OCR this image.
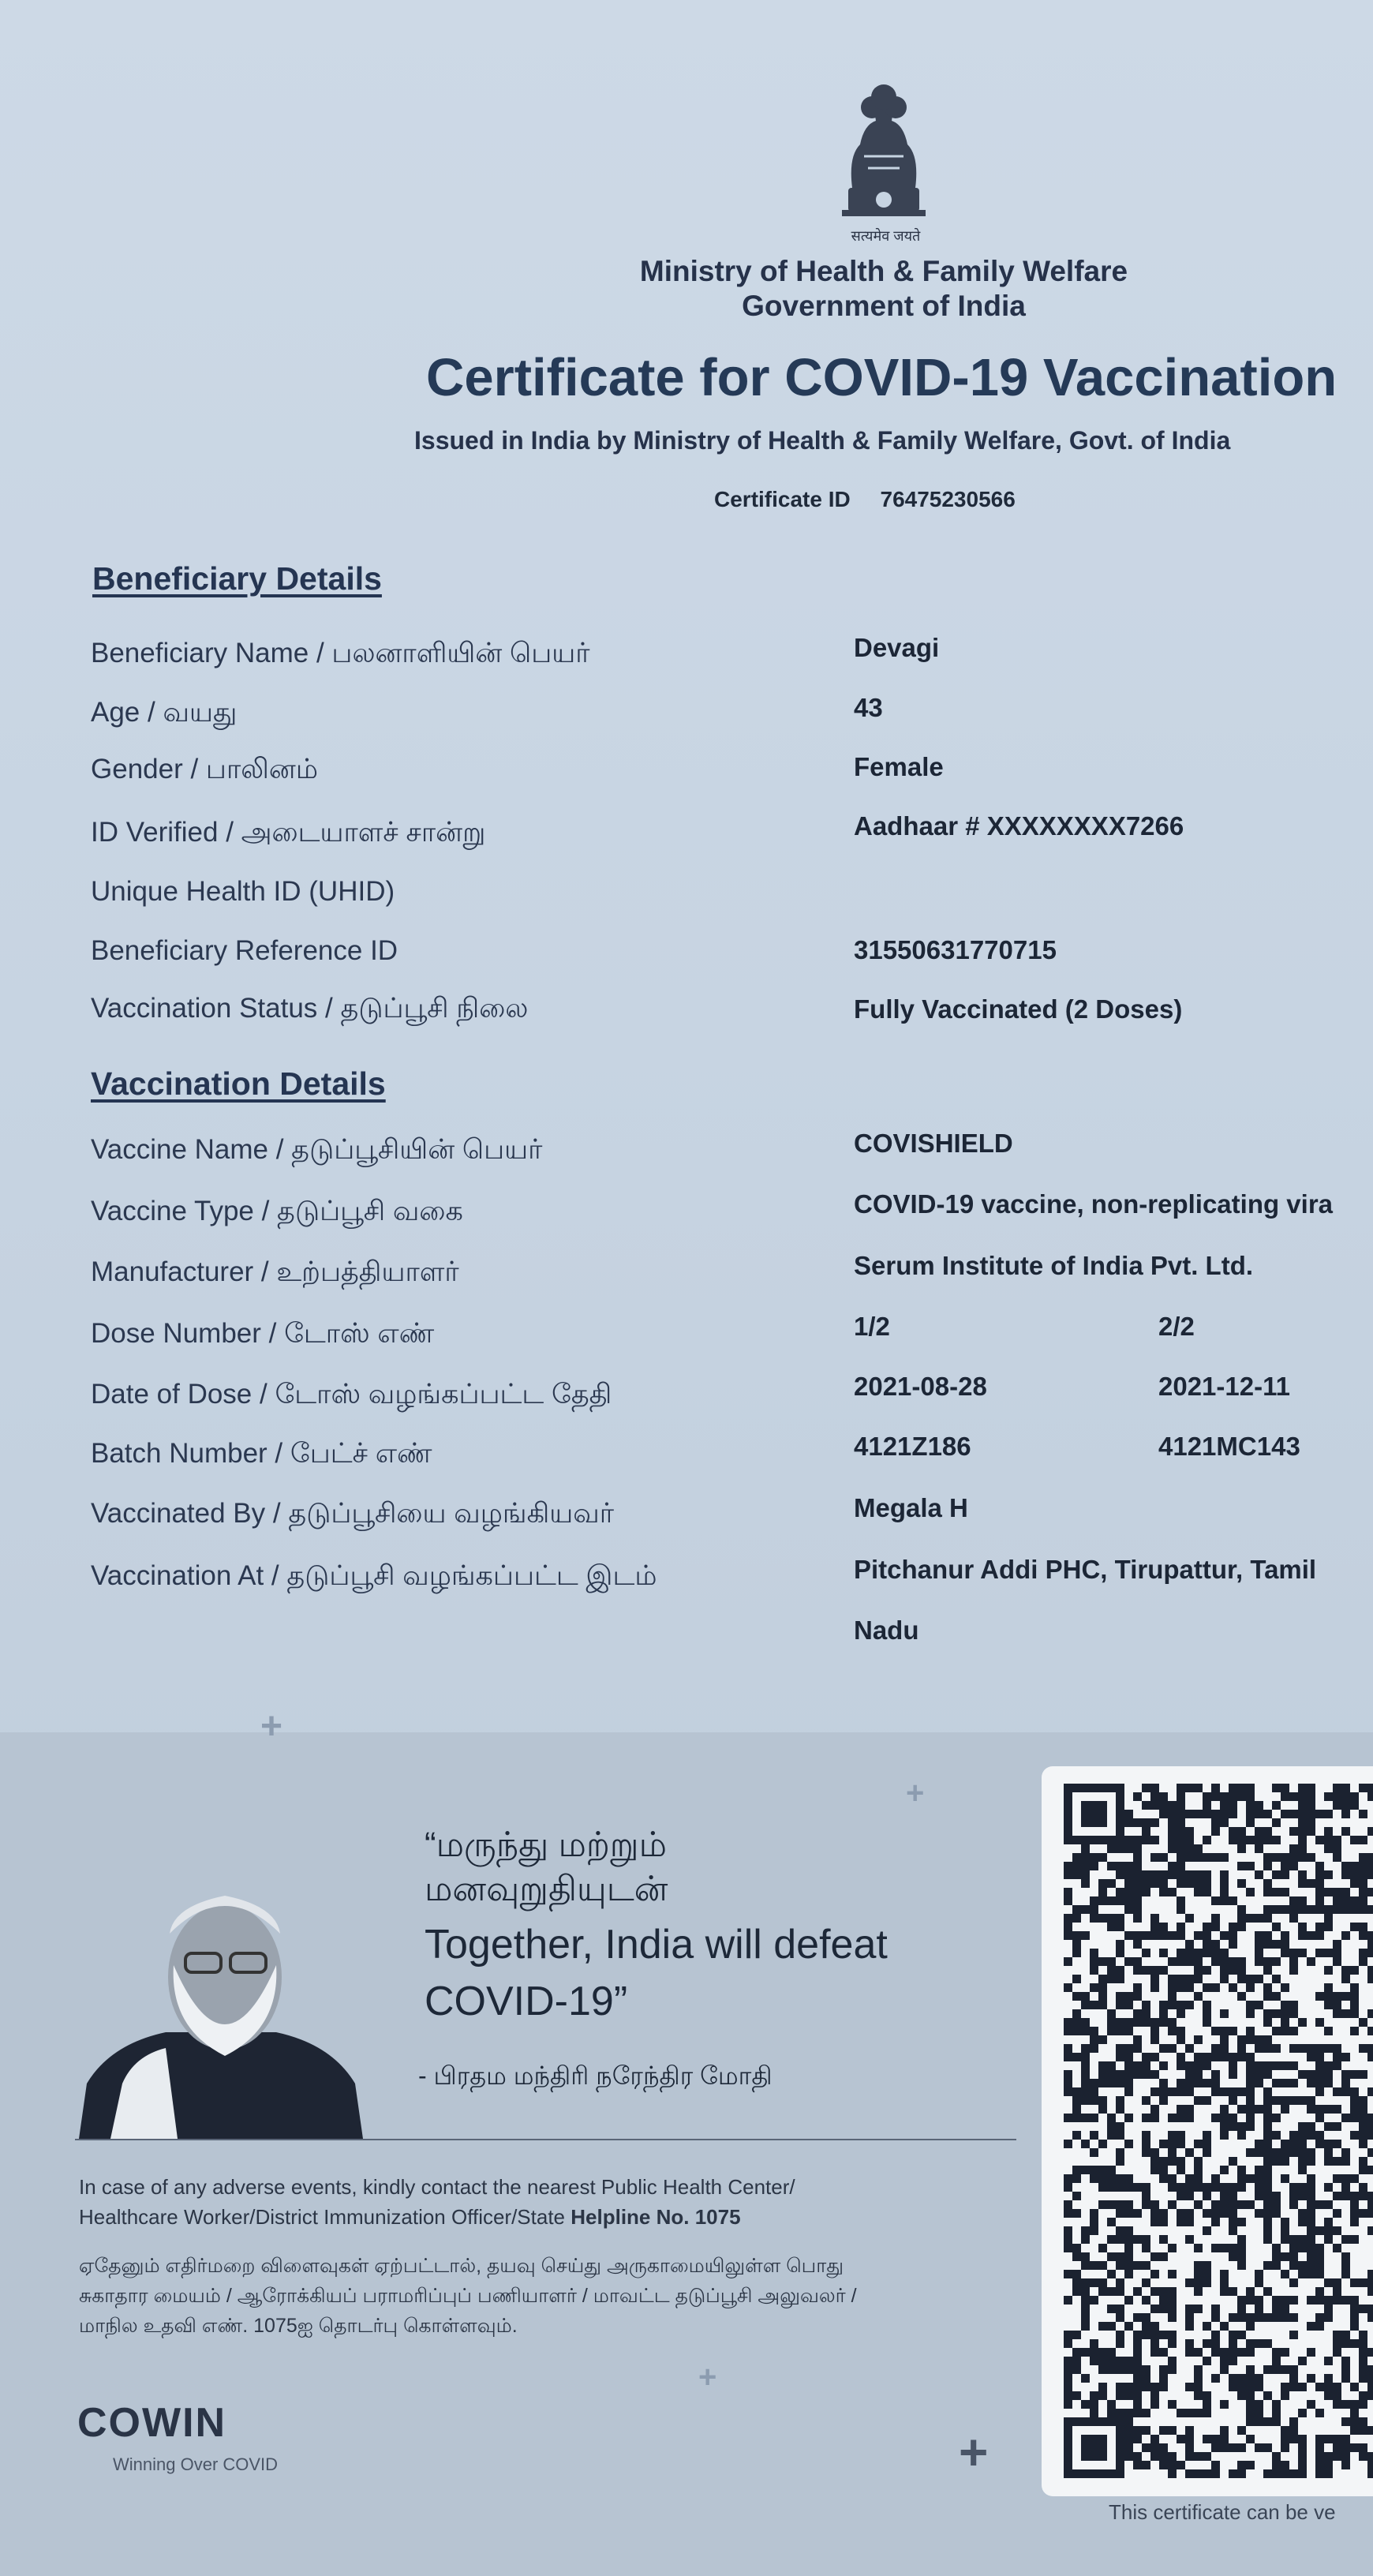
सत्यमेव जयते
Ministry of Health & Family Welfare
Government of India
Certificate for COVID-19 Vaccination
Issued in India by Ministry of Health & Family Welfare, Govt. of India
Certificate ID 76475230566
Beneficiary Details
Beneficiary Name / பலனாளியின் பெயர்	Devagi
Age / வயது	43
Gender / பாலினம்	Female
ID Verified / அடையாளச் சான்று	Aadhaar # XXXXXXXX7266
Unique Health ID (UHID)
Beneficiary Reference ID	31550631770715
Vaccination Status / தடுப்பூசி நிலை	Fully Vaccinated (2 Doses)
Vaccination Details
Vaccine Name / தடுப்பூசியின் பெயர்	COVISHIELD
Vaccine Type / தடுப்பூசி வகை	COVID-19 vaccine, non-replicating vira
Manufacturer / உற்பத்தியாளர்	Serum Institute of India Pvt. Ltd.
Dose Number / டோஸ் எண்	1/2	2/2
Date of Dose / டோஸ் வழங்கப்பட்ட தேதி	2021-08-28	2021-12-11
Batch Number / பேட்ச் எண்	4121Z186	4121MC143
Vaccinated By / தடுப்பூசியை வழங்கியவர்	Megala H
Vaccination At / தடுப்பூசி வழங்கப்பட்ட இடம்	Pitchanur Addi PHC, Tirupattur, Tamil
Nadu
+
+
+
+
“மருந்து மற்றும்
மனவுறுதியுடன்
Together, India will defeat
COVID-19”
- பிரதம மந்திரி நரேந்திர மோதி
In case of any adverse events, kindly contact the nearest Public Health Center/
Healthcare Worker/District Immunization Officer/State Helpline No. 1075
ஏதேனும் எதிர்மறை விளைவுகள் ஏற்பட்டால், தயவு செய்து அருகாமையிலுள்ள பொது
சுகாதார மையம் / ஆரோக்கியப் பராமரிப்புப் பணியாளர் / மாவட்ட தடுப்பூசி அலுவலர் /
மாநில உதவி எண். 1075ஐ தொடர்பு கொள்ளவும்.
COWIN
Winning Over COVID
This certificate can be ve
